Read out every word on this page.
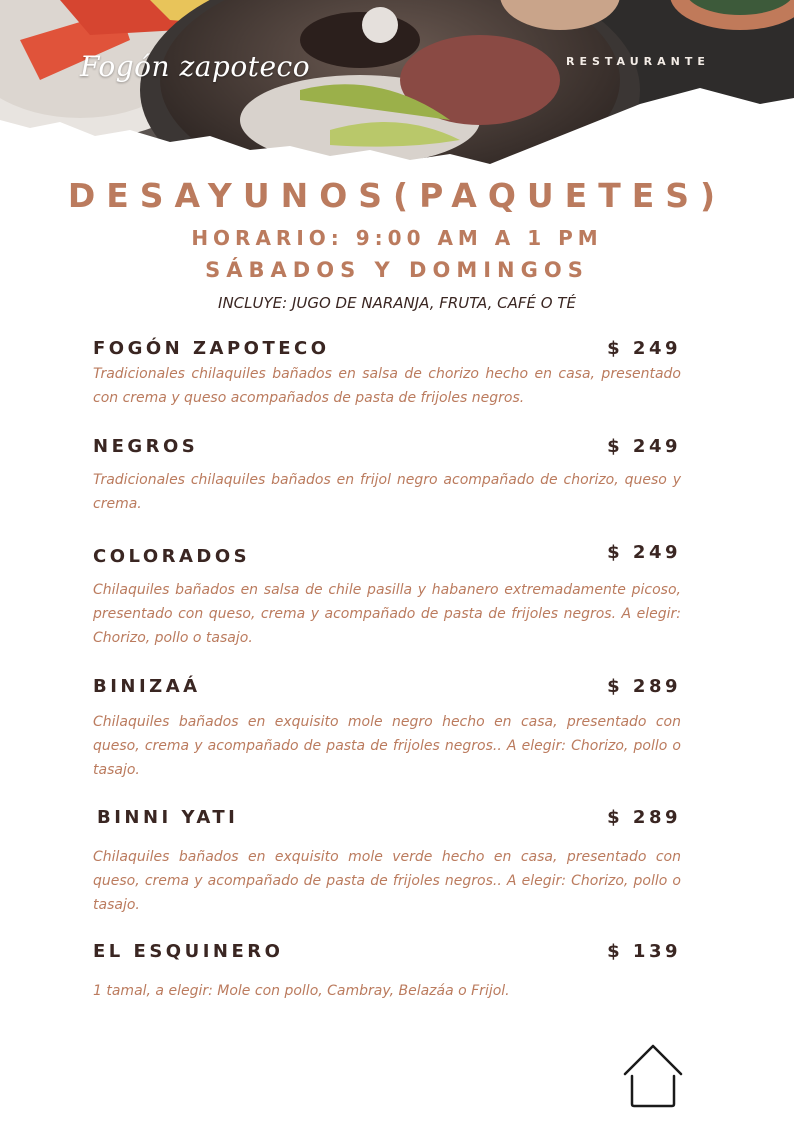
Fogón zapoteco	RESTAURANTE
DESAYUNOS(PAQUETES)
HORARIO: 9:00 AM A 1 PM
SÁBADOS Y DOMINGOS
INCLUYE: JUGO DE NARANJA, FRUTA, CAFÉ O TÉ
FOGÓN ZAPOTECO	$ 249
Tradicionales chilaquiles bañados en salsa de chorizo hecho en casa, presentado con crema y queso acompañados de pasta de frijoles negros.
NEGROS	$ 249
Tradicionales chilaquiles bañados en frijol negro acompañado de chorizo, queso y crema.
COLORADOS	$ 249
Chilaquiles bañados en salsa de chile pasilla y habanero extremadamente picoso, presentado con queso, crema y acompañado de pasta de frijoles negros. A elegir: Chorizo, pollo o tasajo.
BINIZAÁ	$ 289
Chilaquiles bañados en exquisito mole negro hecho en casa, presentado con queso, crema y acompañado de pasta de frijoles negros.. A elegir: Chorizo, pollo o tasajo.
BINNI YATI	$ 289
Chilaquiles bañados en exquisito mole verde hecho en casa, presentado con queso, crema y acompañado de pasta de frijoles negros.. A elegir: Chorizo, pollo o tasajo.
EL ESQUINERO	$ 139
1 tamal, a elegir: Mole con pollo, Cambray, Belazáa o Frijol.
